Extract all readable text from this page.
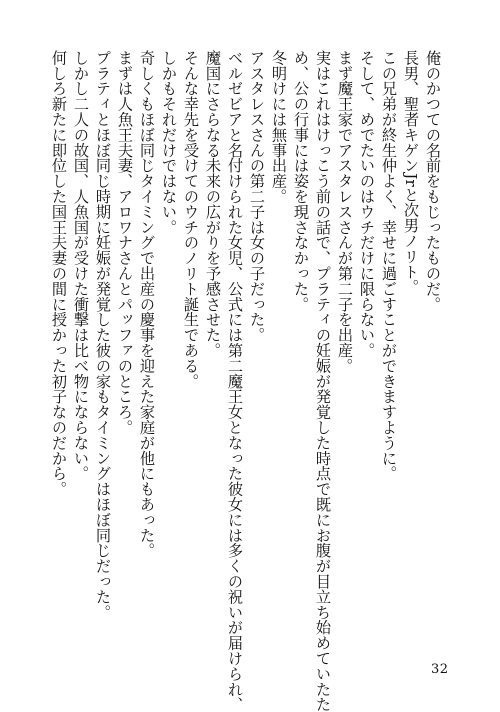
俺のかつての名前をもじったものだ。
長男、聖者キゲンJrと次男ノリト。
この兄弟が終生仲よく、幸せに過ごすことができますように。
そして、めでたいのはウチだけに限らない。
まず魔王家でアスタレスさんが第二子を出産。
実はこれはけっこう前の話で、プラティの妊娠が発覚した時点で既にお腹が目立ち始めていたた
め、公の行事には姿を現さなかった。
冬明けには無事出産。
アスタレスさんの第二子は女の子だった。
ベルゼビアと名付けられた女児、公式には第二魔王女となった彼女には多くの祝いが届けられ、
魔国にさらなる未来の広がりを予感させた。
そんな幸先を受けてのウチのノリト誕生である。
しかもそれだけではない。
奇しくもほぼ同じタイミングで出産の慶事を迎えた家庭が他にもあった。
まずは人魚王夫妻、アロワナさんとパッファのところ。
プラティとほぼ同じ時期に妊娠が発覚した彼の家もタイミングはほぼ同じだった。
しかし二人の故国、人魚国が受けた衝撃は比べ物にならない。
何しろ新たに即位した国王夫妻の間に授かった初子なのだから。
32
